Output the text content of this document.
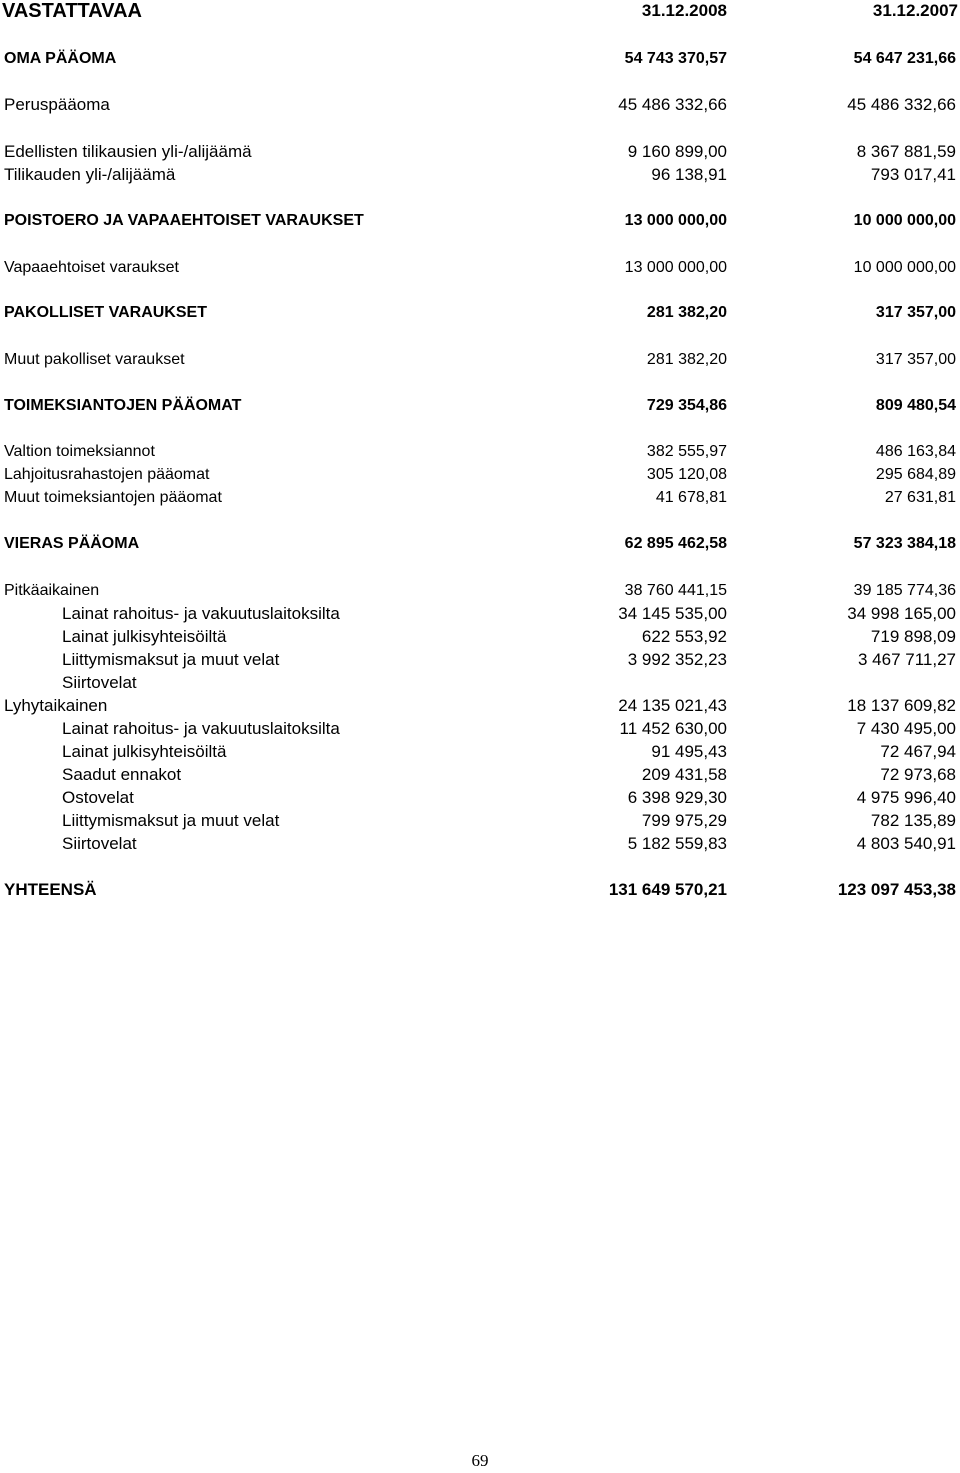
VASTATTAVAA	31.12.2008	31.12.2007
OMA PÄÄOMA	54 743 370,57	54 647 231,66
Peruspääoma	45 486 332,66	45 486 332,66
Edellisten tilikausien yli-/alijäämä	9 160 899,00	8 367 881,59
Tilikauden yli-/alijäämä	96 138,91	793 017,41
POISTOERO JA VAPAAEHTOISET VARAUKSET	13 000 000,00	10 000 000,00
Vapaaehtoiset varaukset	13 000 000,00	10 000 000,00
PAKOLLISET VARAUKSET	281 382,20	317 357,00
Muut pakolliset varaukset	281 382,20	317 357,00
TOIMEKSIANTOJEN PÄÄOMAT	729 354,86	809 480,54
Valtion toimeksiannot	382 555,97	486 163,84
Lahjoitusrahastojen pääomat	305 120,08	295 684,89
Muut toimeksiantojen pääomat	41 678,81	27 631,81
VIERAS PÄÄOMA	62 895 462,58	57 323 384,18
Pitkäaikainen	38 760 441,15	39 185 774,36
Lainat rahoitus- ja vakuutuslaitoksilta	34 145 535,00	34 998 165,00
Lainat julkisyhteisöiltä	622 553,92	719 898,09
Liittymismaksut ja muut velat	3 992 352,23	3 467 711,27
Siirtovelat
Lyhytaikainen	24 135 021,43	18 137 609,82
Lainat rahoitus- ja vakuutuslaitoksilta	11 452 630,00	7 430 495,00
Lainat julkisyhteisöiltä	91 495,43	72 467,94
Saadut ennakot	209 431,58	72 973,68
Ostovelat	6 398 929,30	4 975 996,40
Liittymismaksut ja muut velat	799 975,29	782 135,89
Siirtovelat	5 182 559,83	4 803 540,91
YHTEENSÄ	131 649 570,21	123 097 453,38
69
